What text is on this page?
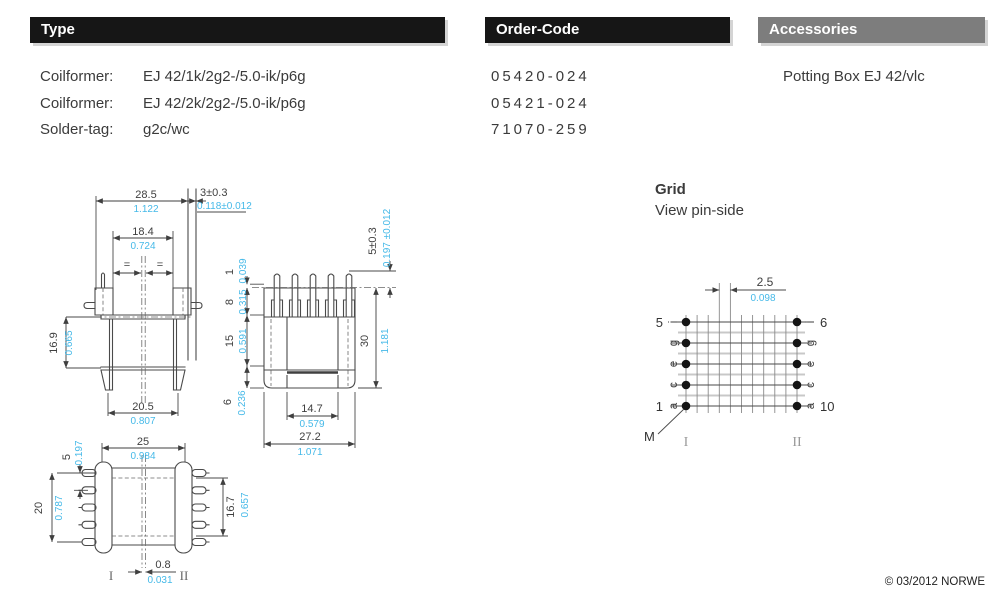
Type	Order-Code	Accessories
Coilformer:	EJ 42/1k/2g2-/5.0-ik/p6g
Coilformer:	EJ 42/2k/2g2-/5.0-ik/p6g
Solder-tag:	g2c/wc
05420-024
05421-024
71070-259
Potting Box EJ 42/vlc
Grid
View pin-side
28.5
1.122
3±0.3
0.118±0.012
18.4
0.724
= =
16.9 0.665
20.5
0.807
1 0.039
8 0.315
15 0.591
6 0.236
30 1.181
5±0.3 0.197 ±0.012
14.7
0.579
27.2
1.071
25
0.984
5 0.197
20 0.787	16.7 0.657
0.8
0.031
I	II
2.5
0.098
5
1
6
10
i
g
e
c
a
i
g
e
c
a
M I	II
© 03/2012 NORWE
